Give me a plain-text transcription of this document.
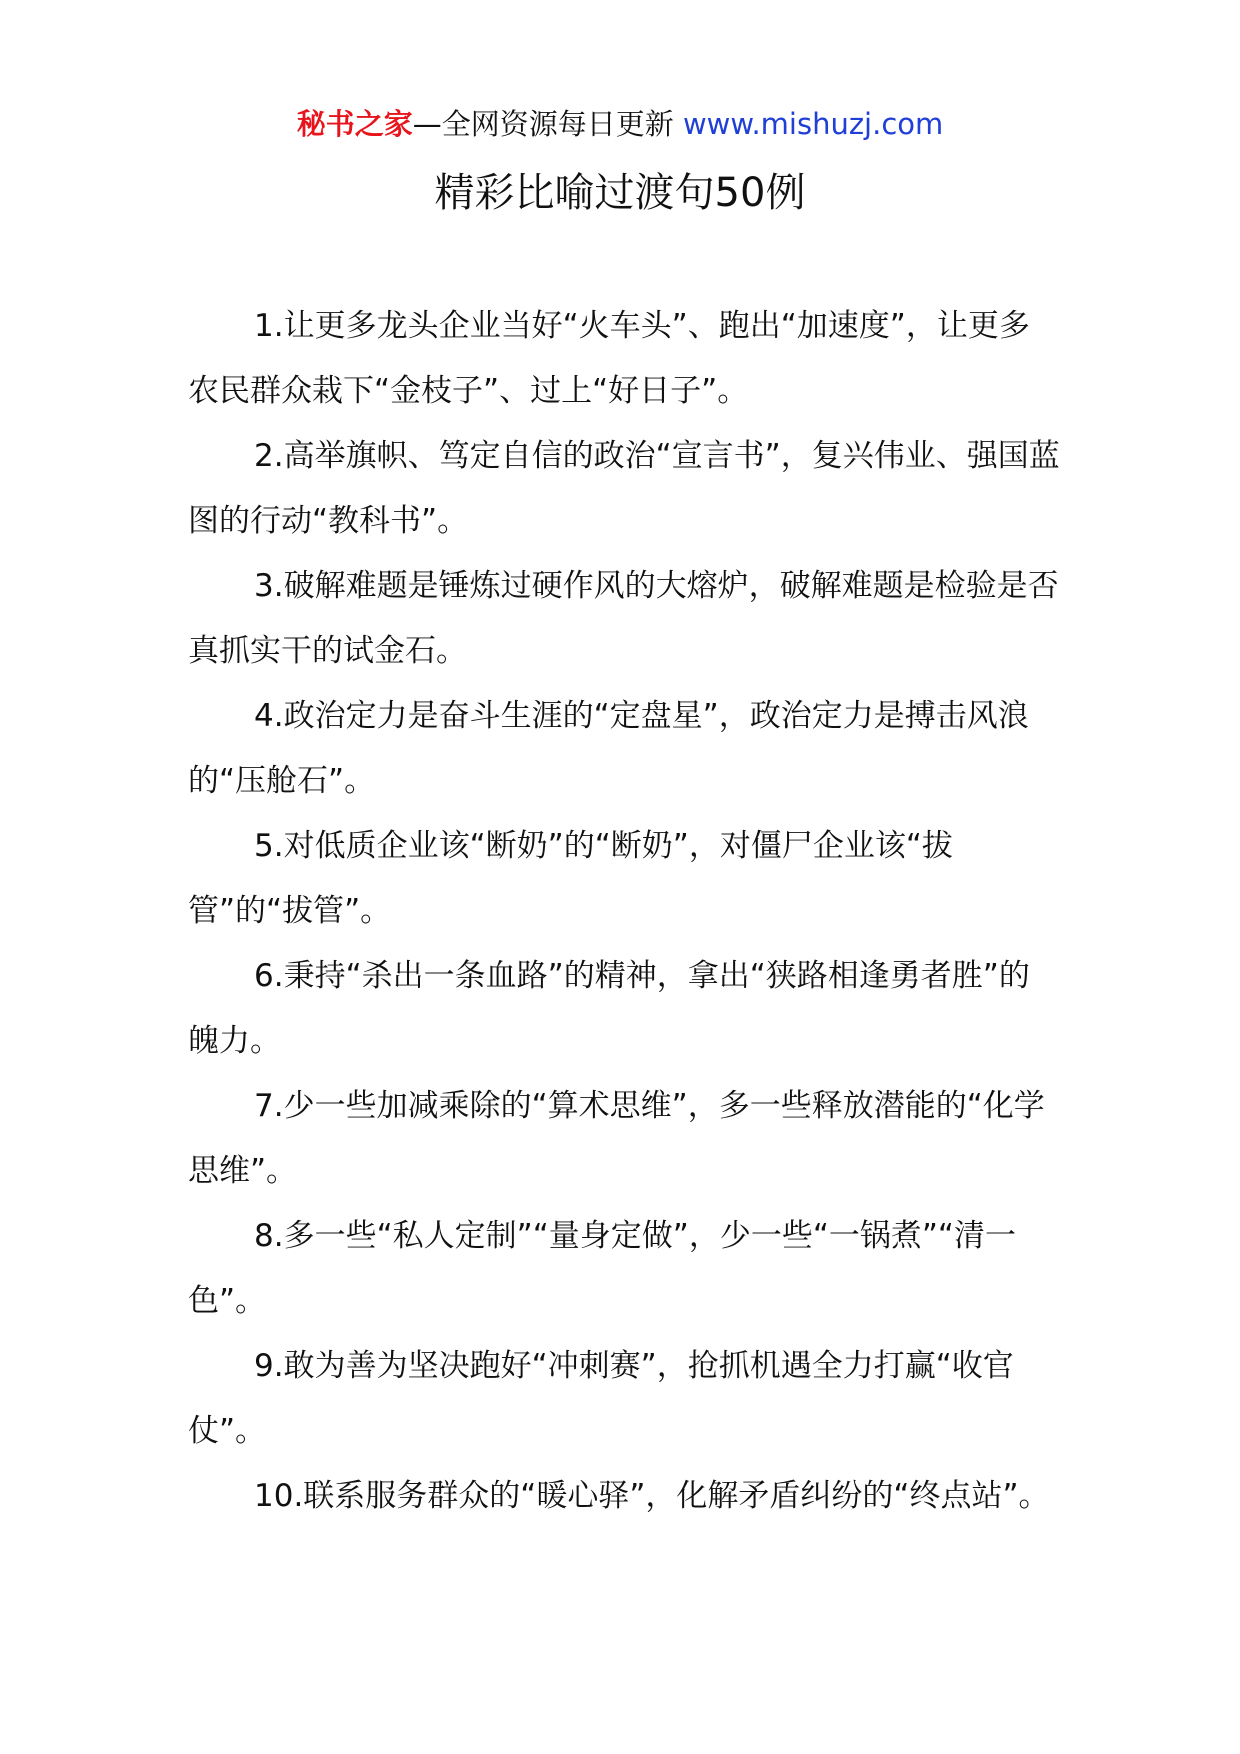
秘书之家—全网资源每日更新 www.mishuzj.com
精彩比喻过渡句50例

1.让更多龙头企业当好“火车头”、跑出“加速度”，让更多农民群众栽下“金枝子”、过上“好日子”。

2.高举旗帜、笃定自信的政治“宣言书”，复兴伟业、强国蓝图的行动“教科书”。

3.破解难题是锤炼过硬作风的大熔炉，破解难题是检验是否真抓实干的试金石。

4.政治定力是奋斗生涯的“定盘星”，政治定力是搏击风浪的“压舱石”。

5.对低质企业该“断奶”的“断奶”，对僵尸企业该“拔管”的“拔管”。

6.秉持“杀出一条血路”的精神，拿出“狭路相逢勇者胜”的魄力。

7.少一些加减乘除的“算术思维”，多一些释放潜能的“化学思维”。

8.多一些“私人定制”“量身定做”，少一些“一锅煮”“清一色”。

9.敢为善为坚决跑好“冲刺赛”，抢抓机遇全力打赢“收官仗”。

10.联系服务群众的“暖心驿”，化解矛盾纠纷的“终点站”。
